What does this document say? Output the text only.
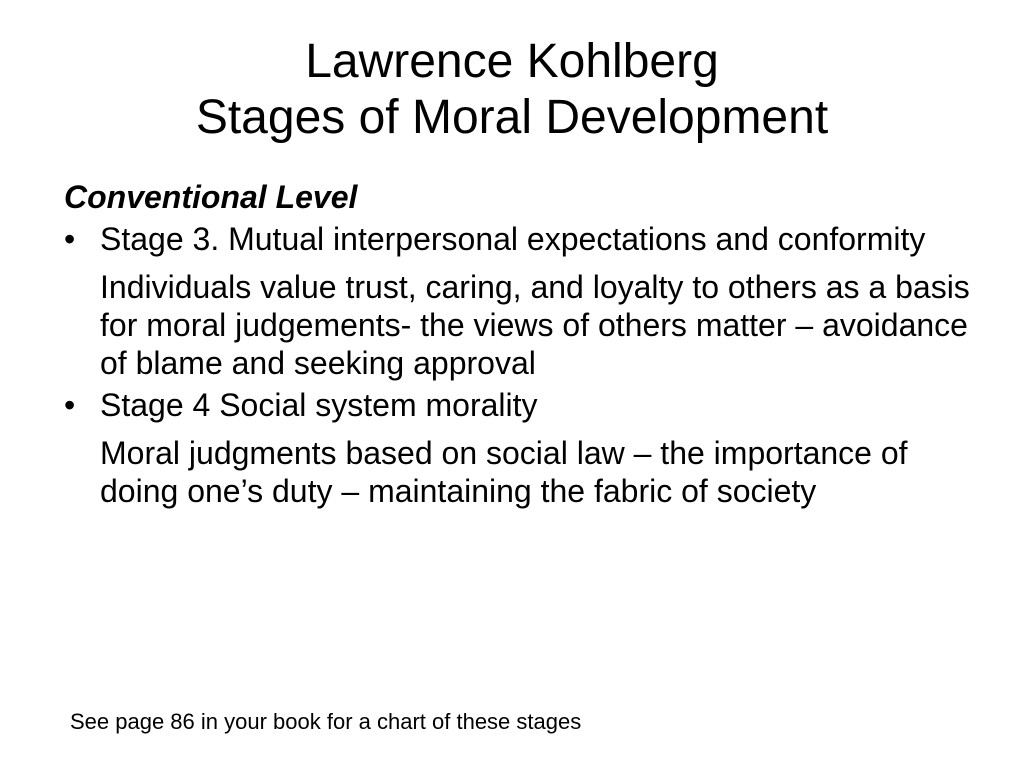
Lawrence Kohlberg
Stages of Moral Development
Conventional Level
• Stage 3. Mutual interpersonal expectations and conformity
Individuals value trust, caring, and loyalty to others as a basis for moral judgements- the views of others matter – avoidance of blame and seeking approval
• Stage 4 Social system morality
Moral judgments based on social law – the importance of doing one’s duty – maintaining the fabric of society
See page 86 in your book for a chart of these stages
